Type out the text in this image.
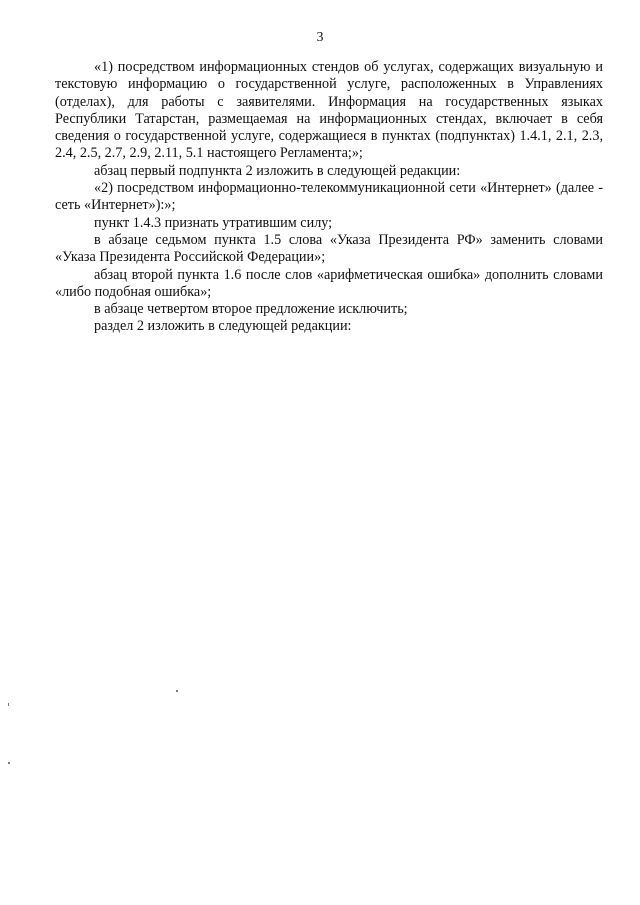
3

«1) посредством информационных стендов об услугах, содержащих визуальную и текстовую информацию о государственной услуге, расположенных в Управлениях (отделах), для работы с заявителями. Информация на государственных языках Республики Татарстан, размещаемая на информационных стендах, включает в себя сведения о государственной услуге, содержащиеся в пунктах (подпунктах) 1.4.1, 2.1, 2.3, 2.4, 2.5, 2.7, 2.9, 2.11, 5.1 настоящего Регламента;»;

абзац первый подпункта 2 изложить в следующей редакции:

«2) посредством информационно-телекоммуникационной сети «Интернет» (далее - сеть «Интернет»):»;

пункт 1.4.3 признать утратившим силу;

в абзаце седьмом пункта 1.5 слова «Указа Президента РФ» заменить словами «Указа Президента Российской Федерации»;

абзац второй пункта 1.6 после слов «арифметическая ошибка» дополнить словами «либо подобная ошибка»;

в абзаце четвертом второе предложение исключить;

раздел 2 изложить в следующей редакции:
